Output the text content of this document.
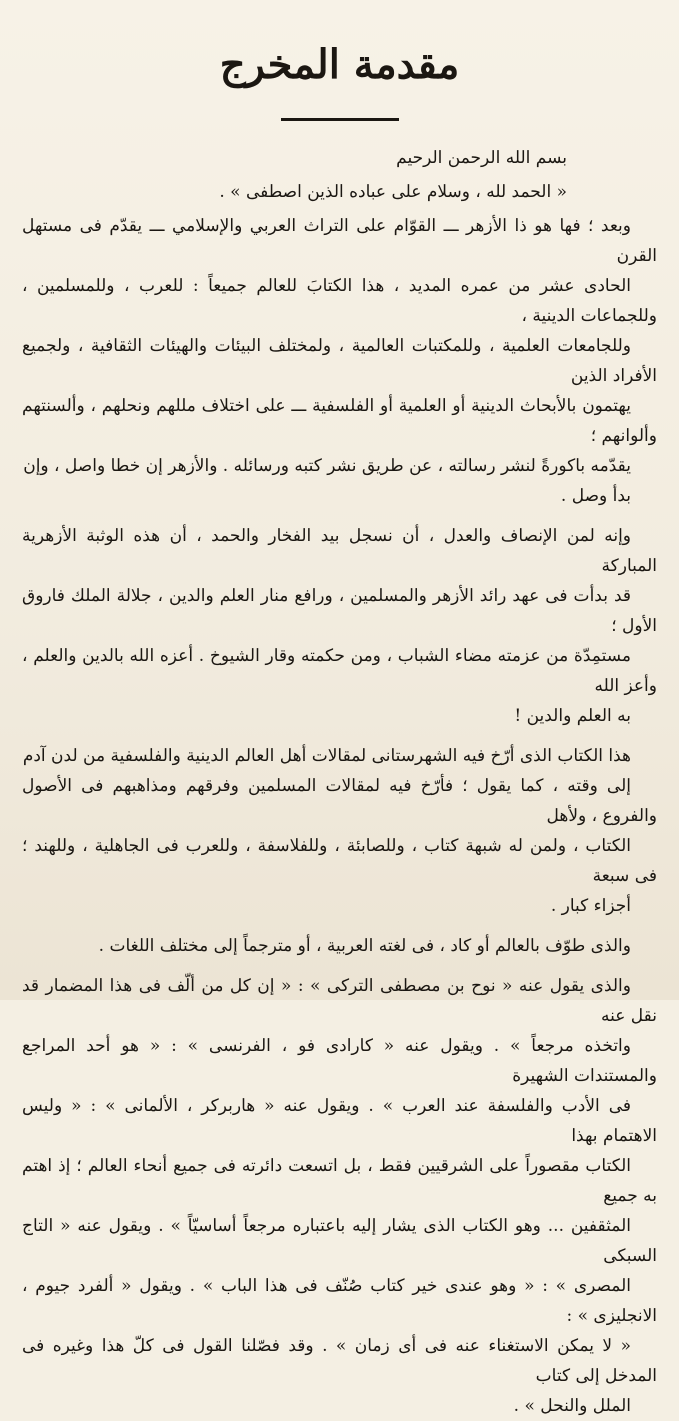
مقدمة المخرج

بسم الله الرحمن الرحيم

« الحمد لله ، وسلام على عباده الذين اصطفى » .

وبعد ؛ فها هو ذا الأزهر ـــ القوّام على التراث العربي والإسلامي ـــ يقدّم فى مستهل القرن
الحادى عشر من عمره المديد ، هذا الكتابَ للعالم جميعاً : للعرب ، وللمسلمين ، وللجماعات الدينية ،
وللجامعات العلمية ، وللمكتبات العالمية ، ولمختلف البيئات والهيئات الثقافية ، ولجميع الأفراد الذين
يهتمون بالأبحاث الدينية أو العلمية أو الفلسفية ـــ على اختلاف مللهم ونحلهم ، وألسنتهم وألوانهم ؛
يقدّمه باكورةً لنشر رسالته ، عن طريق نشر كتبه ورسائله . والأزهر إن خطا واصل ، وإن
بدأ وصل .

وإنه لمن الإنصاف والعدل ، أن نسجل بيد الفخار والحمد ، أن هذه الوثبة الأزهرية المباركة
قد بدأت فى عهد رائد الأزهر والمسلمين ، ورافع منار العلم والدين ، جلالة الملك فاروق الأول ؛
مستمِدّة من عزمته مضاء الشباب ، ومن حكمته وقار الشيوخ . أعزه الله بالدين والعلم ، وأعز الله
به العلم والدين !

هذا الكتاب الذى أرّخ فيه الشهرستانى لمقالات أهل العالم الدينية والفلسفية من لدن آدم
إلى وقته ، كما يقول ؛ فأرّخ فيه لمقالات المسلمين وفرقهم ومذاهبهم فى الأصول والفروع ، ولأهل
الكتاب ، ولمن له شبهة كتاب ، وللصابئة ، وللفلاسفة ، وللعرب فى الجاهلية ، وللهند ؛ فى سبعة
أجزاء كبار .

والذى طوّف بالعالم أو كاد ، فى لغته العربية ، أو مترجماً إلى مختلف اللغات .

والذى يقول عنه « نوح بن مصطفى التركى » : « إن كل من ألّف فى هذا المضمار قد نقل عنه
واتخذه مرجعاً » . ويقول عنه « كارادى فو ، الفرنسى » : « هو أحد المراجع والمستندات الشهيرة
فى الأدب والفلسفة عند العرب » . ويقول عنه « هاربركر ، الألمانى » : « وليس الاهتمام بهذا
الكتاب مقصوراً على الشرقيين فقط ، بل اتسعت دائرته فى جميع أنحاء العالم ؛ إذ اهتم به جميع
المثقفين ... وهو الكتاب الذى يشار إليه باعتباره مرجعاً أساسيّاً » . ويقول عنه « التاج السبكى
المصرى » : « وهو عندى خير كتاب صُنّف فى هذا الباب » . ويقول « ألفرد جيوم ، الانجليزى » :
« لا يمكن الاستغناء عنه فى أى زمان » . وقد فصّلنا القول فى كلّ هذا وغيره فى المدخل إلى كتاب
الملل والنحل » .
